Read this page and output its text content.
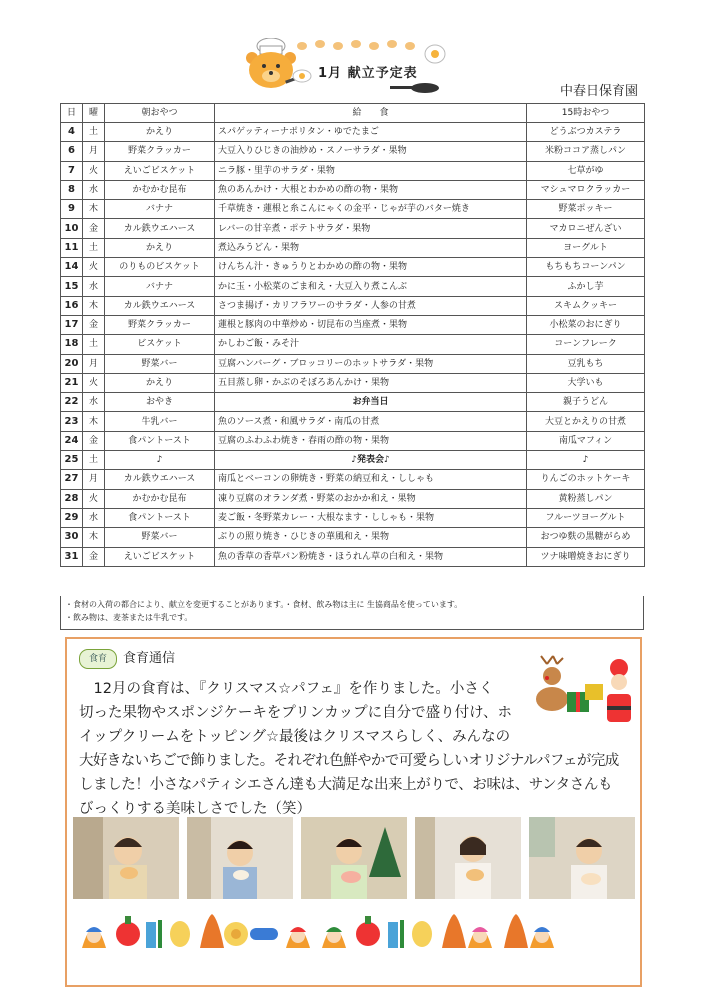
1月 献立予定表
中春日保育園
日	曜	朝おやつ	給　　食	15時おやつ
4	土	かえり	スパゲッティーナポリタン・ゆでたまご	どうぶつカステラ
6	月	野菜クラッカー	大豆入りひじきの油炒め・スノーサラダ・果物	米粉ココア蒸しパン
7	火	えいごビスケット	ニラ豚・里芋のサラダ・果物	七草がゆ
8	水	かむかむ昆布	魚のあんかけ・大根とわかめの酢の物・果物	マシュマロクラッカー
9	木	バナナ	千草焼き・蓮根と糸こんにゃくの金平・じゃが芋のバター焼き	野菜ポッキー
10	金	カル鉄ウエハース	レバーの甘辛煮・ポテトサラダ・果物	マカロニぜんざい
11	土	かえり	煮込みうどん・果物	ヨーグルト
14	火	のりものビスケット	けんちん汁・きゅうりとわかめの酢の物・果物	もちもちコーンパン
15	水	バナナ	かに玉・小松菜のごま和え・大豆入り煮こんぶ	ふかし芋
16	木	カル鉄ウエハース	さつま揚げ・カリフラワーのサラダ・人参の甘煮	スキムクッキー
17	金	野菜クラッカー	蓮根と豚肉の中華炒め・切昆布の当座煮・果物	小松菜のおにぎり
18	土	ビスケット	かしわご飯・みそ汁	コーンフレーク
20	月	野菜バー	豆腐ハンバーグ・ブロッコリーのホットサラダ・果物	豆乳もち
21	火	かえり	五目蒸し卵・かぶのそぼろあんかけ・果物	大学いも
22	水	おやき	お弁当日	親子うどん
23	木	牛乳バー	魚のソース煮・和風サラダ・南瓜の甘煮	大豆とかえりの甘煮
24	金	食パントースト	豆腐のふわふわ焼き・春雨の酢の物・果物	南瓜マフィン
25	土	♪	♪発表会♪	♪
27	月	カル鉄ウエハース	南瓜とベーコンの卵焼き・野菜の納豆和え・ししゃも	りんごのホットケーキ
28	火	かむかむ昆布	凍り豆腐のオランダ煮・野菜のおかか和え・果物	黄粉蒸しパン
29	水	食パントースト	麦ご飯・冬野菜カレー・大根なます・ししゃも・果物	フルーツヨーグルト
30	木	野菜バー	ぶりの照り焼き・ひじきの華風和え・果物	おつゆ麩の黒糖がらめ
31	金	えいごビスケット	魚の香草の香草パン粉焼き・ほうれん草の白和え・果物	ツナ味噌焼きおにぎり
・食材の入荷の都合により、献立を変更することがあります。・食材、飲み物は主に 生協商品を使っています。
・飲み物は、麦茶または牛乳です。
食育	食育通信

　12月の食育は、『クリスマス☆パフェ』を作りました。小さく

切った果物やスポンジケーキをプリンカップに自分で盛り付け、ホ

イップクリームをトッピング☆最後はクリスマスらしく、みんなの

大好きないちごで飾りました。それぞれ色鮮やかで可愛らしいオリジナルパフェが完成

しました！小さなパティシエさん達も大満足な出来上がりで、お味は、サンタさんも

びっくりする美味しさでした（笑）
